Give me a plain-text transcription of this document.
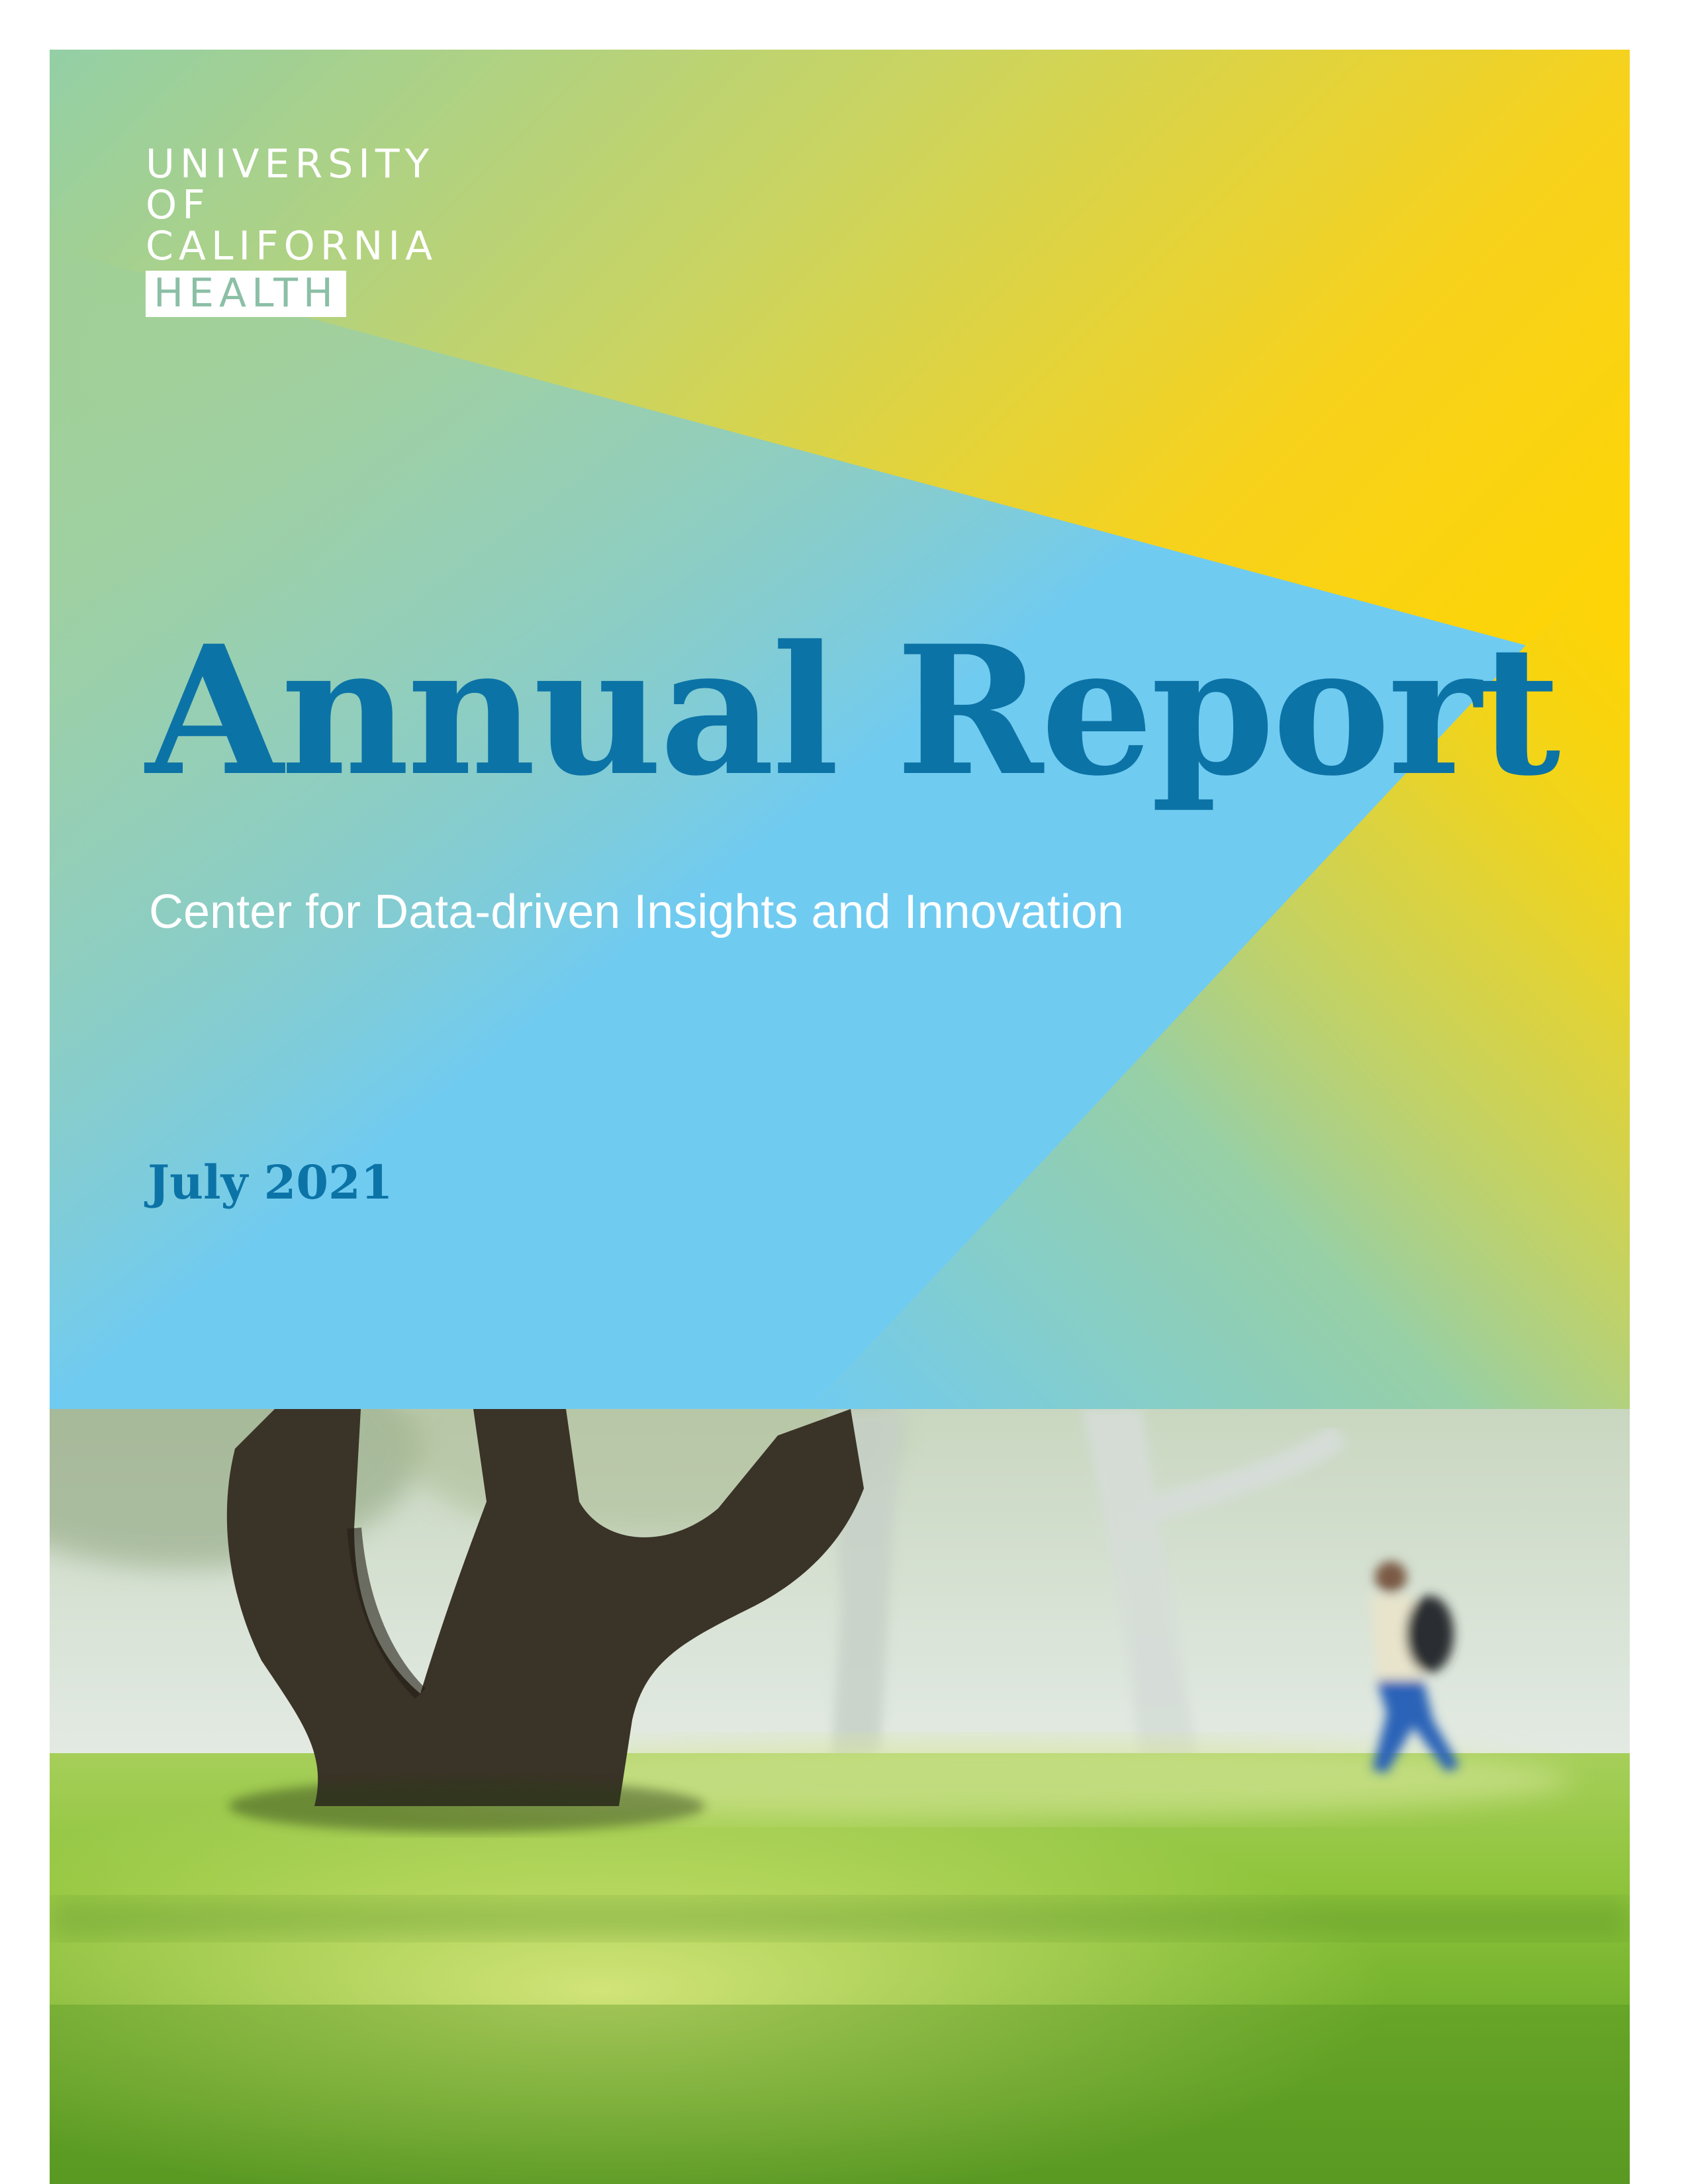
UNIVERSITY
OF
CALIFORNIA
HEALTH
Annual Report
Center for Data-driven Insights and Innovation
July 2021
